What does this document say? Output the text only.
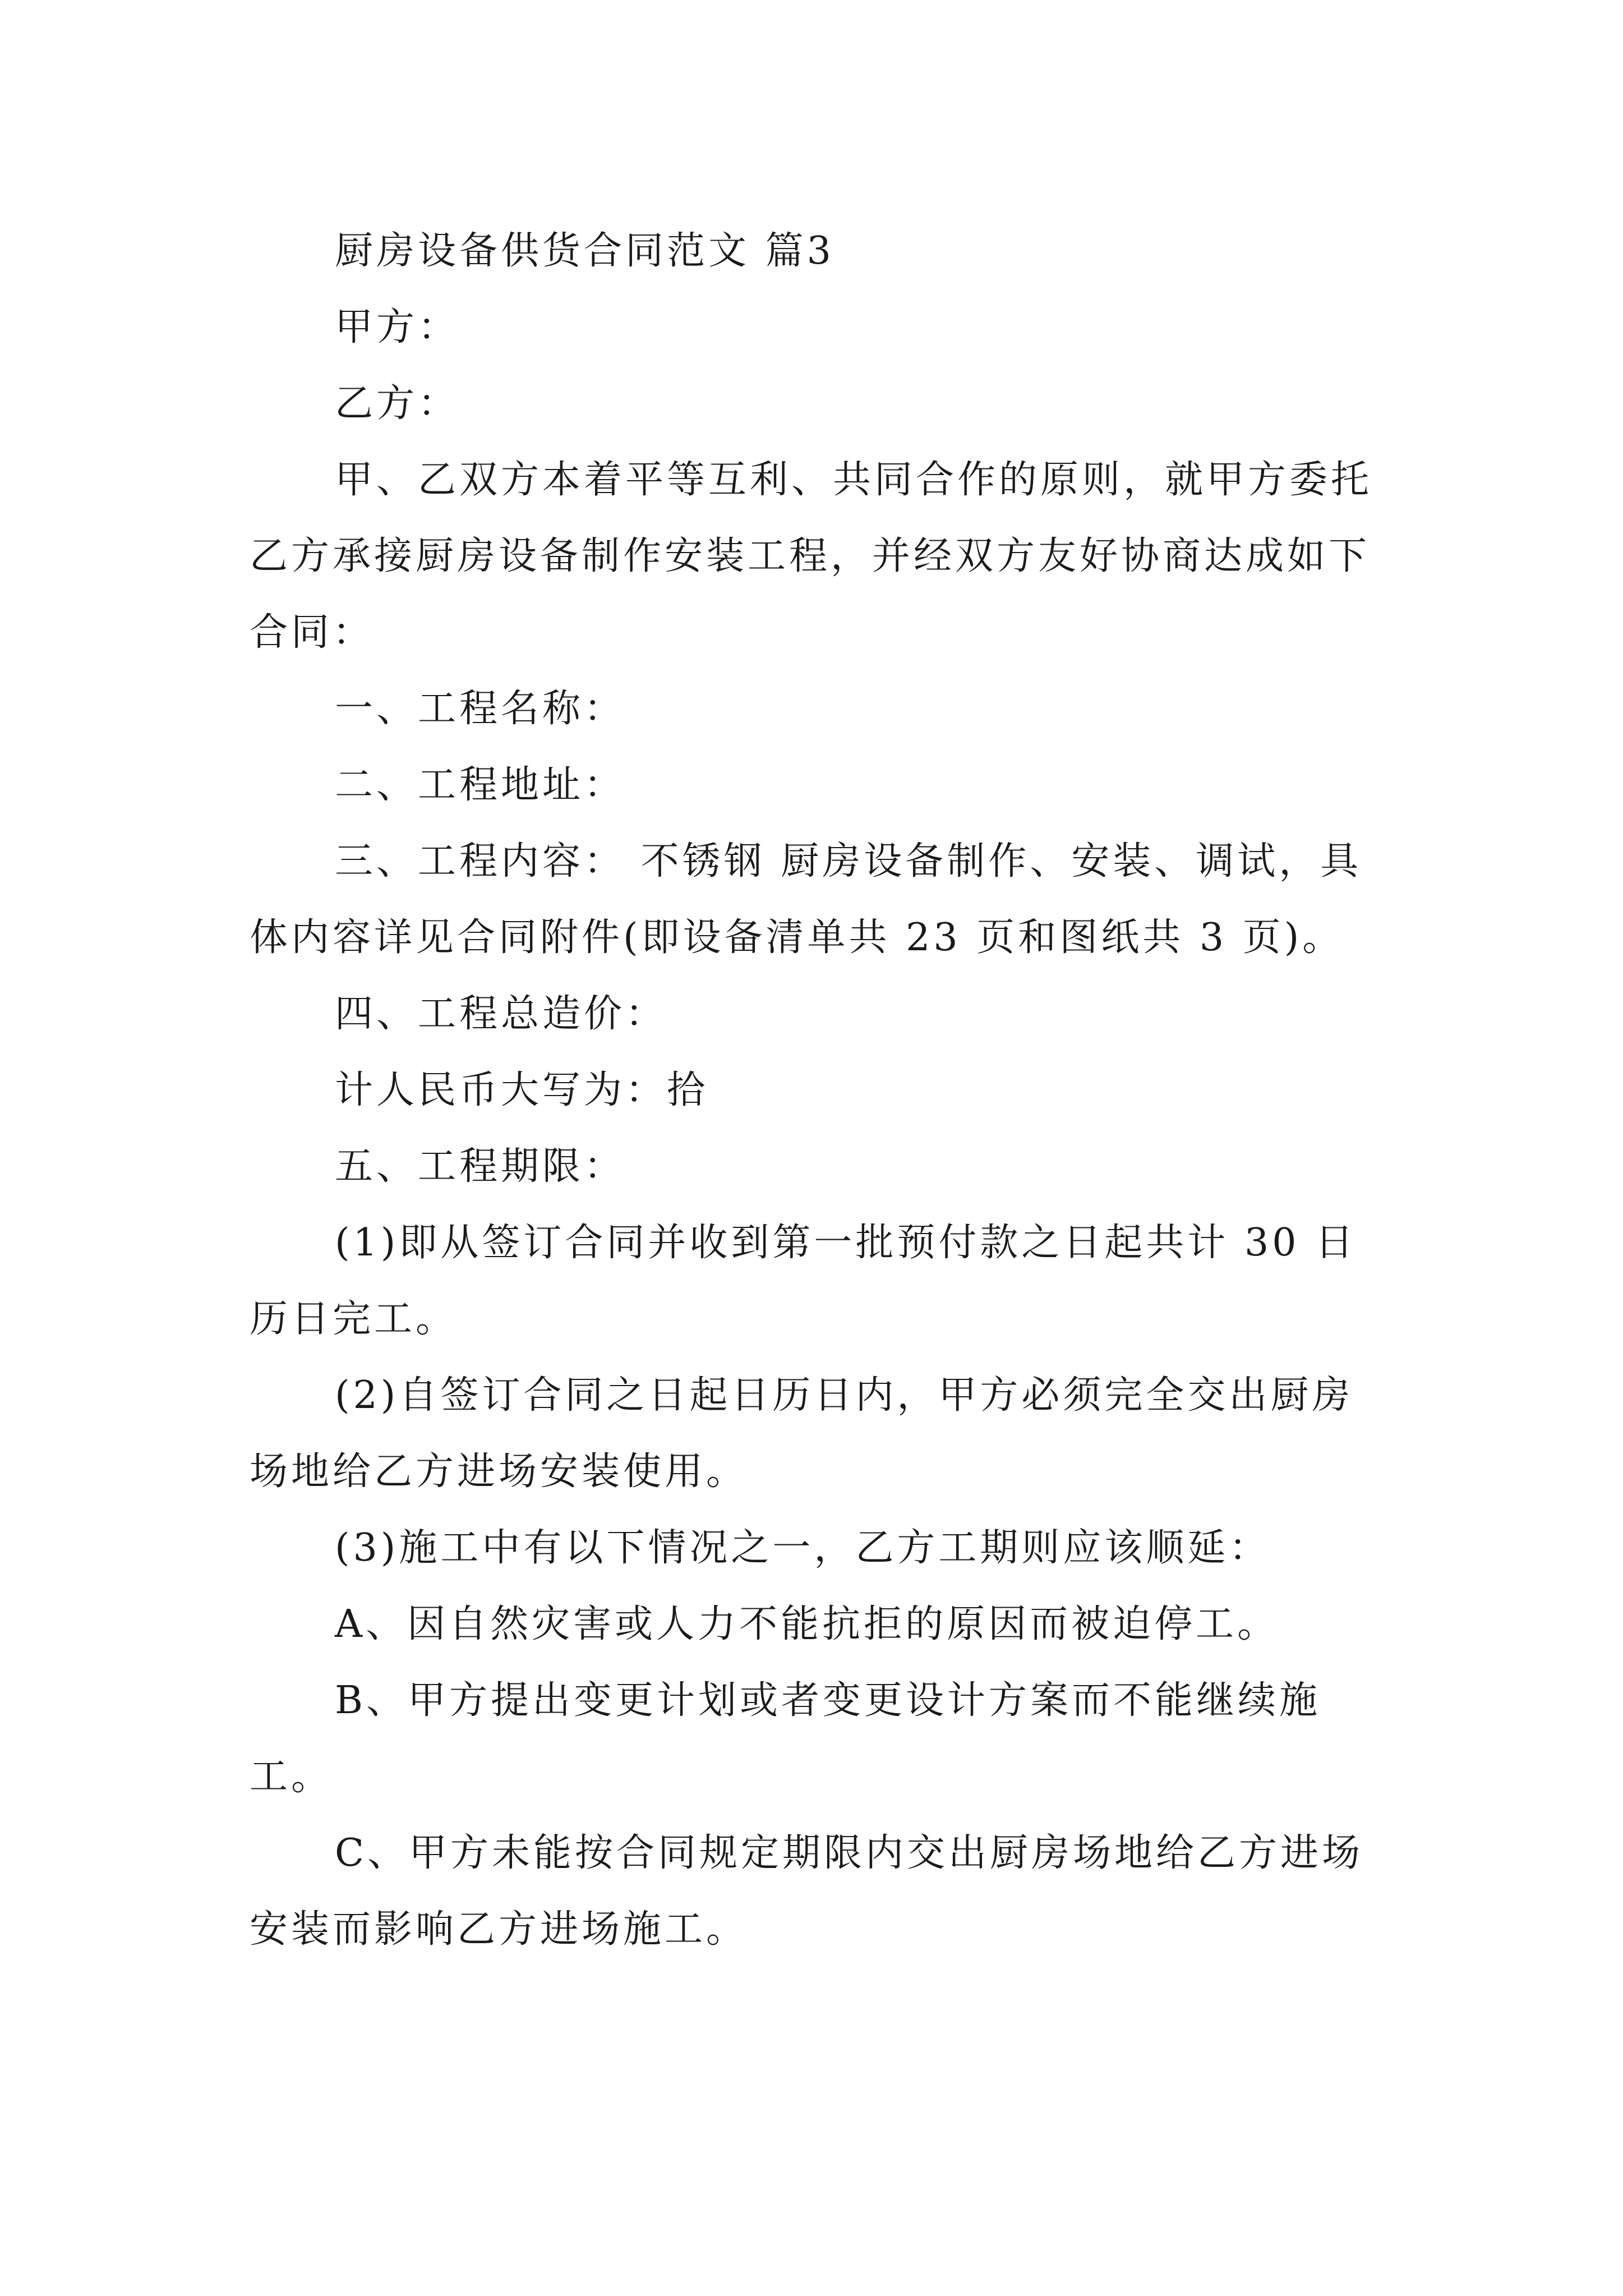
厨房设备供货合同范文 篇3

甲方：

乙方：

甲、乙双方本着平等互利、共同合作的原则，就甲方委托乙方承接厨房设备制作安装工程，并经双方友好协商达成如下合同：

一、工程名称：

二、工程地址：

三、工程内容： 不锈钢 厨房设备制作、安装、调试，具体内容详见合同附件(即设备清单共 23 页和图纸共 3 页)。

四、工程总造价：

计人民币大写为：拾

五、工程期限：

(1)即从签订合同并收到第一批预付款之日起共计 30 日历日完工。

(2)自签订合同之日起日历日内，甲方必须完全交出厨房场地给乙方进场安装使用。

(3)施工中有以下情况之一，乙方工期则应该顺延：

A、因自然灾害或人力不能抗拒的原因而被迫停工。

B、甲方提出变更计划或者变更设计方案而不能继续施工。

C、甲方未能按合同规定期限内交出厨房场地给乙方进场安装而影响乙方进场施工。
